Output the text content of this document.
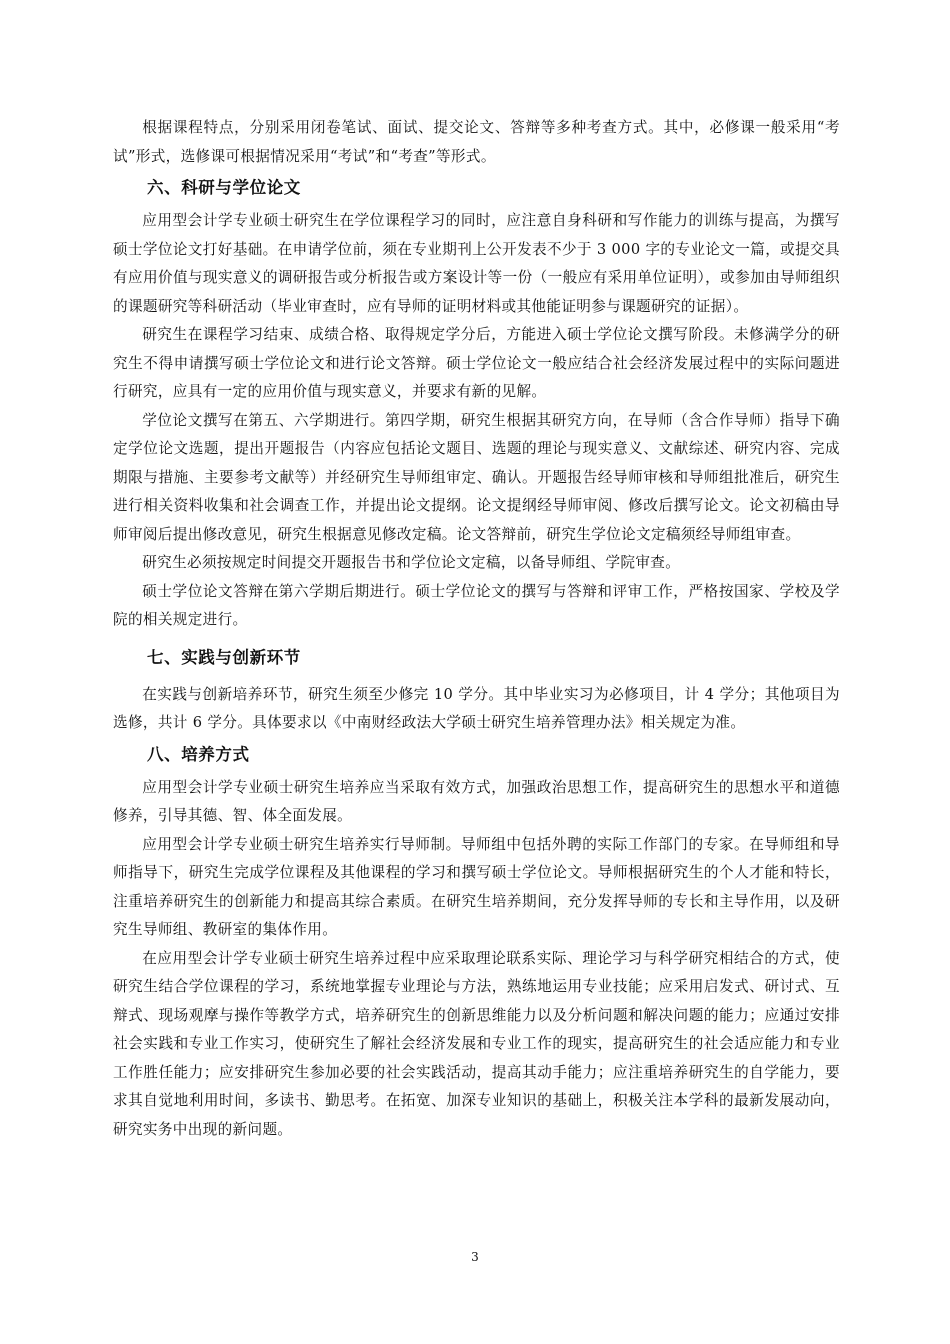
根据课程特点，分别采用闭卷笔试、面试、提交论文、答辩等多种考查方式。其中，必修课一般采用“考试”形式，选修课可根据情况采用“考试”和“考查”等形式。

六、科研与学位论文

应用型会计学专业硕士研究生在学位课程学习的同时，应注意自身科研和写作能力的训练与提高，为撰写硕士学位论文打好基础。在申请学位前，须在专业期刊上公开发表不少于 3 000 字的专业论文一篇，或提交具有应用价值与现实意义的调研报告或分析报告或方案设计等一份（一般应有采用单位证明），或参加由导师组织的课题研究等科研活动（毕业审查时，应有导师的证明材料或其他能证明参与课题研究的证据）。

研究生在课程学习结束、成绩合格、取得规定学分后，方能进入硕士学位论文撰写阶段。未修满学分的研究生不得申请撰写硕士学位论文和进行论文答辩。硕士学位论文一般应结合社会经济发展过程中的实际问题进行研究，应具有一定的应用价值与现实意义，并要求有新的见解。

学位论文撰写在第五、六学期进行。第四学期，研究生根据其研究方向，在导师（含合作导师）指导下确定学位论文选题，提出开题报告（内容应包括论文题目、选题的理论与现实意义、文献综述、研究内容、完成期限与措施、主要参考文献等）并经研究生导师组审定、确认。开题报告经导师审核和导师组批准后，研究生进行相关资料收集和社会调查工作，并提出论文提纲。论文提纲经导师审阅、修改后撰写论文。论文初稿由导师审阅后提出修改意见，研究生根据意见修改定稿。论文答辩前，研究生学位论文定稿须经导师组审查。

研究生必须按规定时间提交开题报告书和学位论文定稿，以备导师组、学院审查。

硕士学位论文答辩在第六学期后期进行。硕士学位论文的撰写与答辩和评审工作，严格按国家、学校及学院的相关规定进行。

七、实践与创新环节

在实践与创新培养环节，研究生须至少修完 10 学分。其中毕业实习为必修项目，计 4 学分；其他项目为选修，共计 6 学分。具体要求以《中南财经政法大学硕士研究生培养管理办法》相关规定为准。

八、培养方式

应用型会计学专业硕士研究生培养应当采取有效方式，加强政治思想工作，提高研究生的思想水平和道德修养，引导其德、智、体全面发展。

应用型会计学专业硕士研究生培养实行导师制。导师组中包括外聘的实际工作部门的专家。在导师组和导师指导下，研究生完成学位课程及其他课程的学习和撰写硕士学位论文。导师根据研究生的个人才能和特长，注重培养研究生的创新能力和提高其综合素质。在研究生培养期间，充分发挥导师的专长和主导作用，以及研究生导师组、教研室的集体作用。

在应用型会计学专业硕士研究生培养过程中应采取理论联系实际、理论学习与科学研究相结合的方式，使研究生结合学位课程的学习，系统地掌握专业理论与方法，熟练地运用专业技能；应采用启发式、研讨式、互辩式、现场观摩与操作等教学方式，培养研究生的创新思维能力以及分析问题和解决问题的能力；应通过安排社会实践和专业工作实习，使研究生了解社会经济发展和专业工作的现实，提高研究生的社会适应能力和专业工作胜任能力；应安排研究生参加必要的社会实践活动，提高其动手能力；应注重培养研究生的自学能力，要求其自觉地利用时间，多读书、勤思考。在拓宽、加深专业知识的基础上，积极关注本学科的最新发展动向，研究实务中出现的新问题。

3
